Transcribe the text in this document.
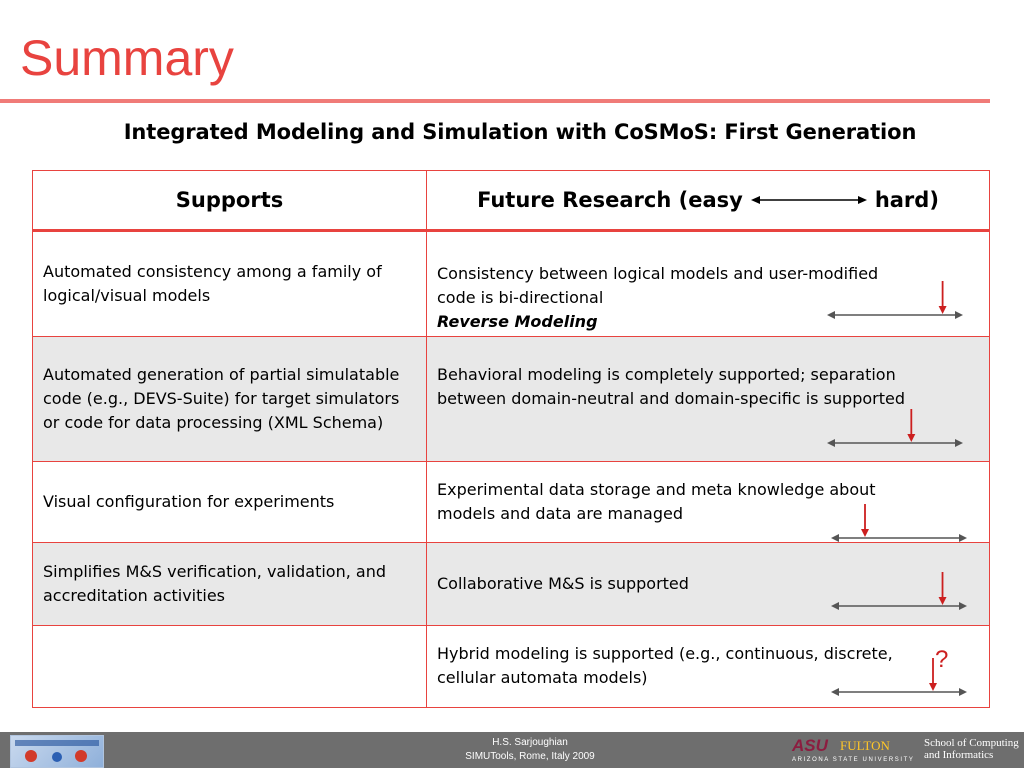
Summary
Integrated Modeling and Simulation with CoSMoS: First Generation
Supports	Future Research (easy	hard)
Automated consistency among a family of logical/visual models
Consistency between logical models and user-modified code is bi-directional
Reverse Modeling
Automated generation of partial simulatable code (e.g., DEVS-Suite) for target simulators or code for data processing (XML Schema)
Behavioral modeling is completely supported; separation between domain-neutral and domain-specific is supported
Visual configuration for experiments
Experimental data storage and meta knowledge about models and data are managed
Simplifies M&S verification, validation, and accreditation activities
Collaborative M&S is supported
Hybrid modeling is supported (e.g., continuous, discrete, cellular automata models)
?
H.S. Sarjoughian
SIMUTools, Rome, Italy 2009
ASU FULTON
ARIZONA STATE UNIVERSITY
School of Computing
and Informatics
